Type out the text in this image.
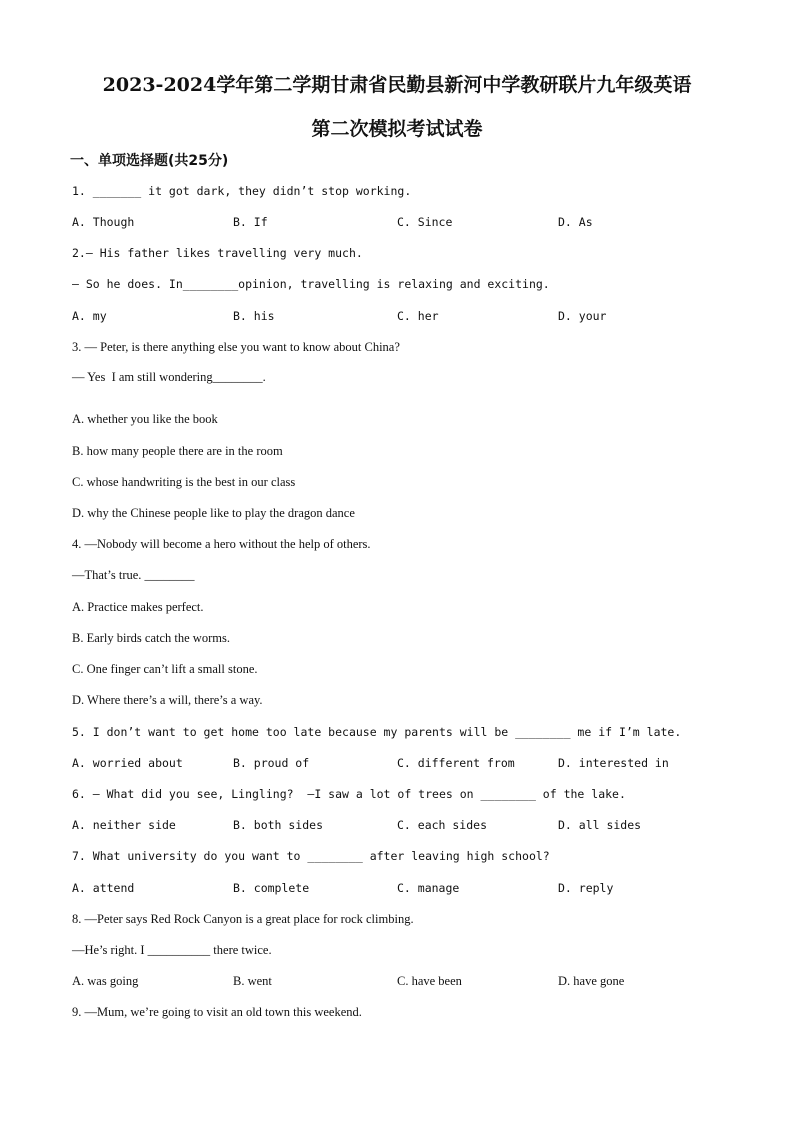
2023-2024学年第二学期甘肃省民勤县新河中学教研联片九年级英语
第二次模拟考试试卷
一、单项选择题(共25分)
1. _______ it got dark, they didn’t stop working.
A. Though	B. If	C. Since	D. As
2.— His father likes travelling very much.
— So he does. In________opinion, travelling is relaxing and exciting.
A. my	B. his	C. her	D. your
3. — Peter, is there anything else you want to know about China?
— Yes  I am still wondering________.
A. whether you like the book
B. how many people there are in the room
C. whose handwriting is the best in our class
D. why the Chinese people like to play the dragon dance
4. —Nobody will become a hero without the help of others.
—That’s true. ________
A. Practice makes perfect.
B. Early birds catch the worms.
C. One finger can’t lift a small stone.
D. Where there’s a will, there’s a way.
5. I don’t want to get home too late because my parents will be ________ me if I’m late.
A. worried about	B. proud of	C. different from	D. interested in
6. — What did you see, Lingling?  —I saw a lot of trees on ________ of the lake.
A. neither side	B. both sides	C. each sides	D. all sides
7. What university do you want to ________ after leaving high school?
A. attend	B. complete	C. manage	D. reply
8. —Peter says Red Rock Canyon is a great place for rock climbing.
—He’s right. I __________ there twice.
A. was going	B. went	C. have been	D. have gone
9. —Mum, we’re going to visit an old town this weekend.
